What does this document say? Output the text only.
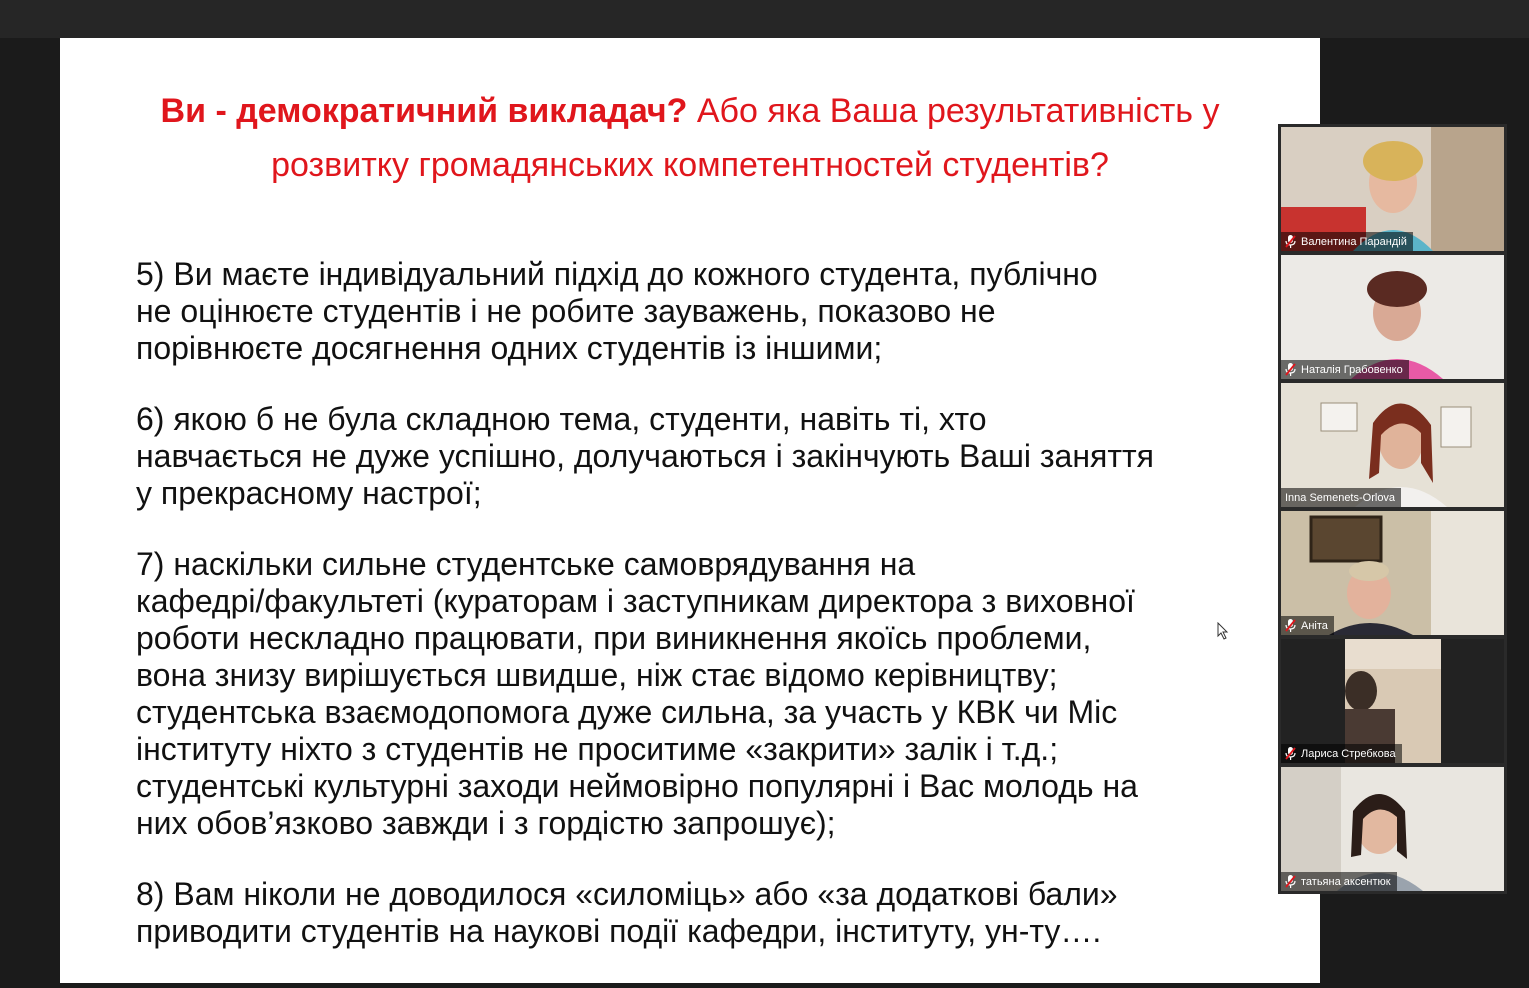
Ви - демократичний викладач? Або яка Ваша результативність у розвитку громадянських компетентностей студентів?

5) Ви маєте індивідуальний підхід до кожного студента, публічно
не оцінюєте студентів і не робите зауважень, показово не
порівнюєте досягнення одних студентів із іншими;

6) якою б не була складною тема, студенти, навіть ті, хто
навчається не дуже успішно, долучаються і закінчують Ваші заняття
у прекрасному настрої;

7) наскільки сильне студентське самоврядування на
кафедрі/факультеті (кураторам і заступникам директора з виховної
роботи нескладно працювати, при виникнення якоїсь проблеми,
вона знизу вирішується швидше, ніж стає відомо керівництву;
студентська взаємодопомога дуже сильна, за участь у КВК чи Міс
інституту ніхто з студентів не проситиме «закрити» залік і т.д.;
студентські культурні заходи неймовірно популярні і Вас молодь на
них обов’язково завжди і з гордістю запрошує);

8) Вам ніколи не доводилося «силоміць» або «за додаткові бали»
приводити студентів на наукові події кафедри, інституту, ун-ту….

Валентина Парандій
Наталія Грабовенко
Inna Semenets-Orlova
Аніта
Лариса Стребкова
татьяна аксентюк
